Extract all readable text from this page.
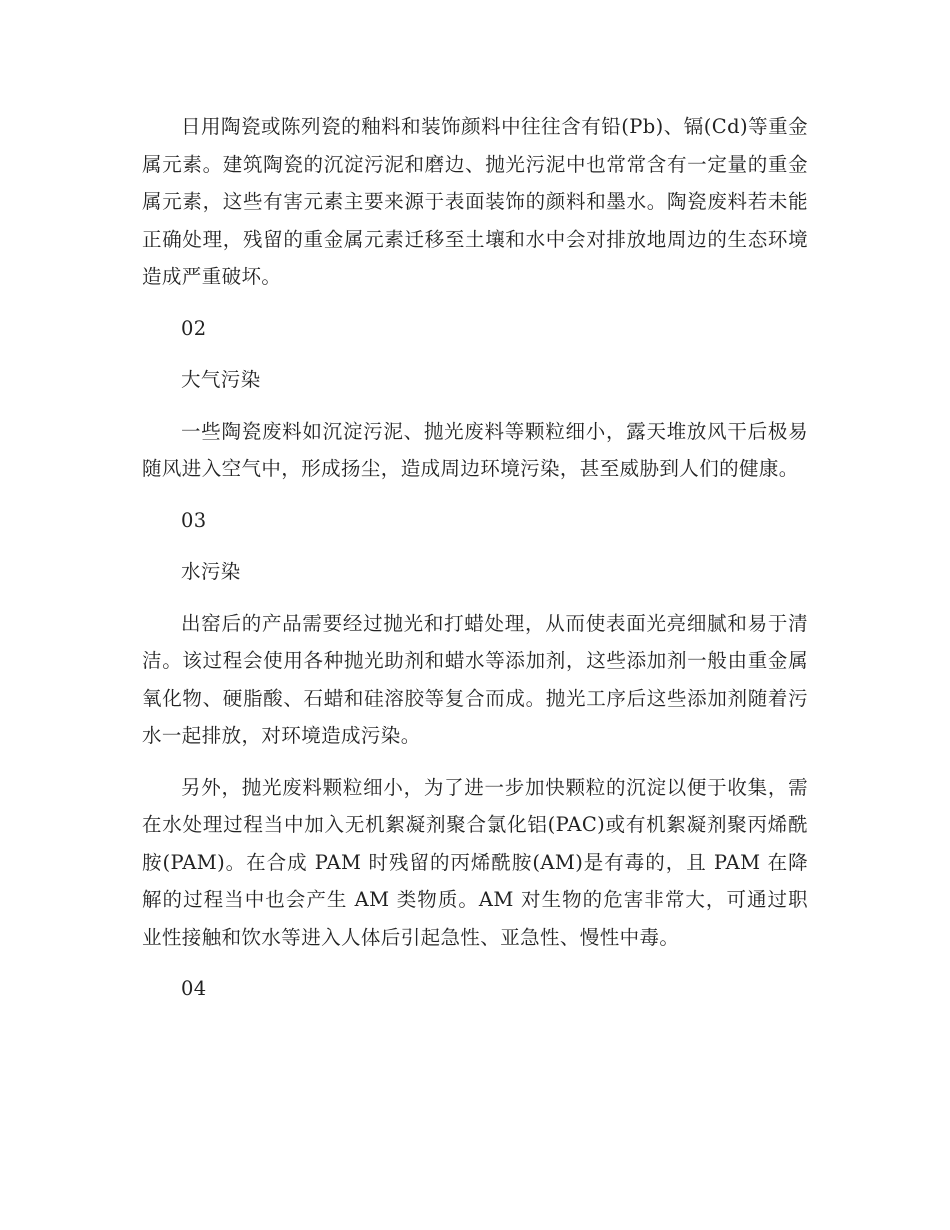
日用陶瓷或陈列瓷的釉料和装饰颜料中往往含有铅(Pb)、镉(Cd)等重金属元素。建筑陶瓷的沉淀污泥和磨边、抛光污泥中也常常含有一定量的重金属元素，这些有害元素主要来源于表面装饰的颜料和墨水。陶瓷废料若未能正确处理，残留的重金属元素迁移至土壤和水中会对排放地周边的生态环境造成严重破坏。

02
大气污染

一些陶瓷废料如沉淀污泥、抛光废料等颗粒细小，露天堆放风干后极易随风进入空气中，形成扬尘，造成周边环境污染，甚至威胁到人们的健康。

03
水污染

出窑后的产品需要经过抛光和打蜡处理，从而使表面光亮细腻和易于清洁。该过程会使用各种抛光助剂和蜡水等添加剂，这些添加剂一般由重金属氧化物、硬脂酸、石蜡和硅溶胶等复合而成。抛光工序后这些添加剂随着污水一起排放，对环境造成污染。

另外，抛光废料颗粒细小，为了进一步加快颗粒的沉淀以便于收集，需在水处理过程当中加入无机絮凝剂聚合氯化铝(PAC)或有机絮凝剂聚丙烯酰胺(PAM)。在合成 PAM 时残留的丙烯酰胺(AM)是有毒的，且 PAM 在降解的过程当中也会产生 AM 类物质。AM 对生物的危害非常大，可通过职业性接触和饮水等进入人体后引起急性、亚急性、慢性中毒。

04
